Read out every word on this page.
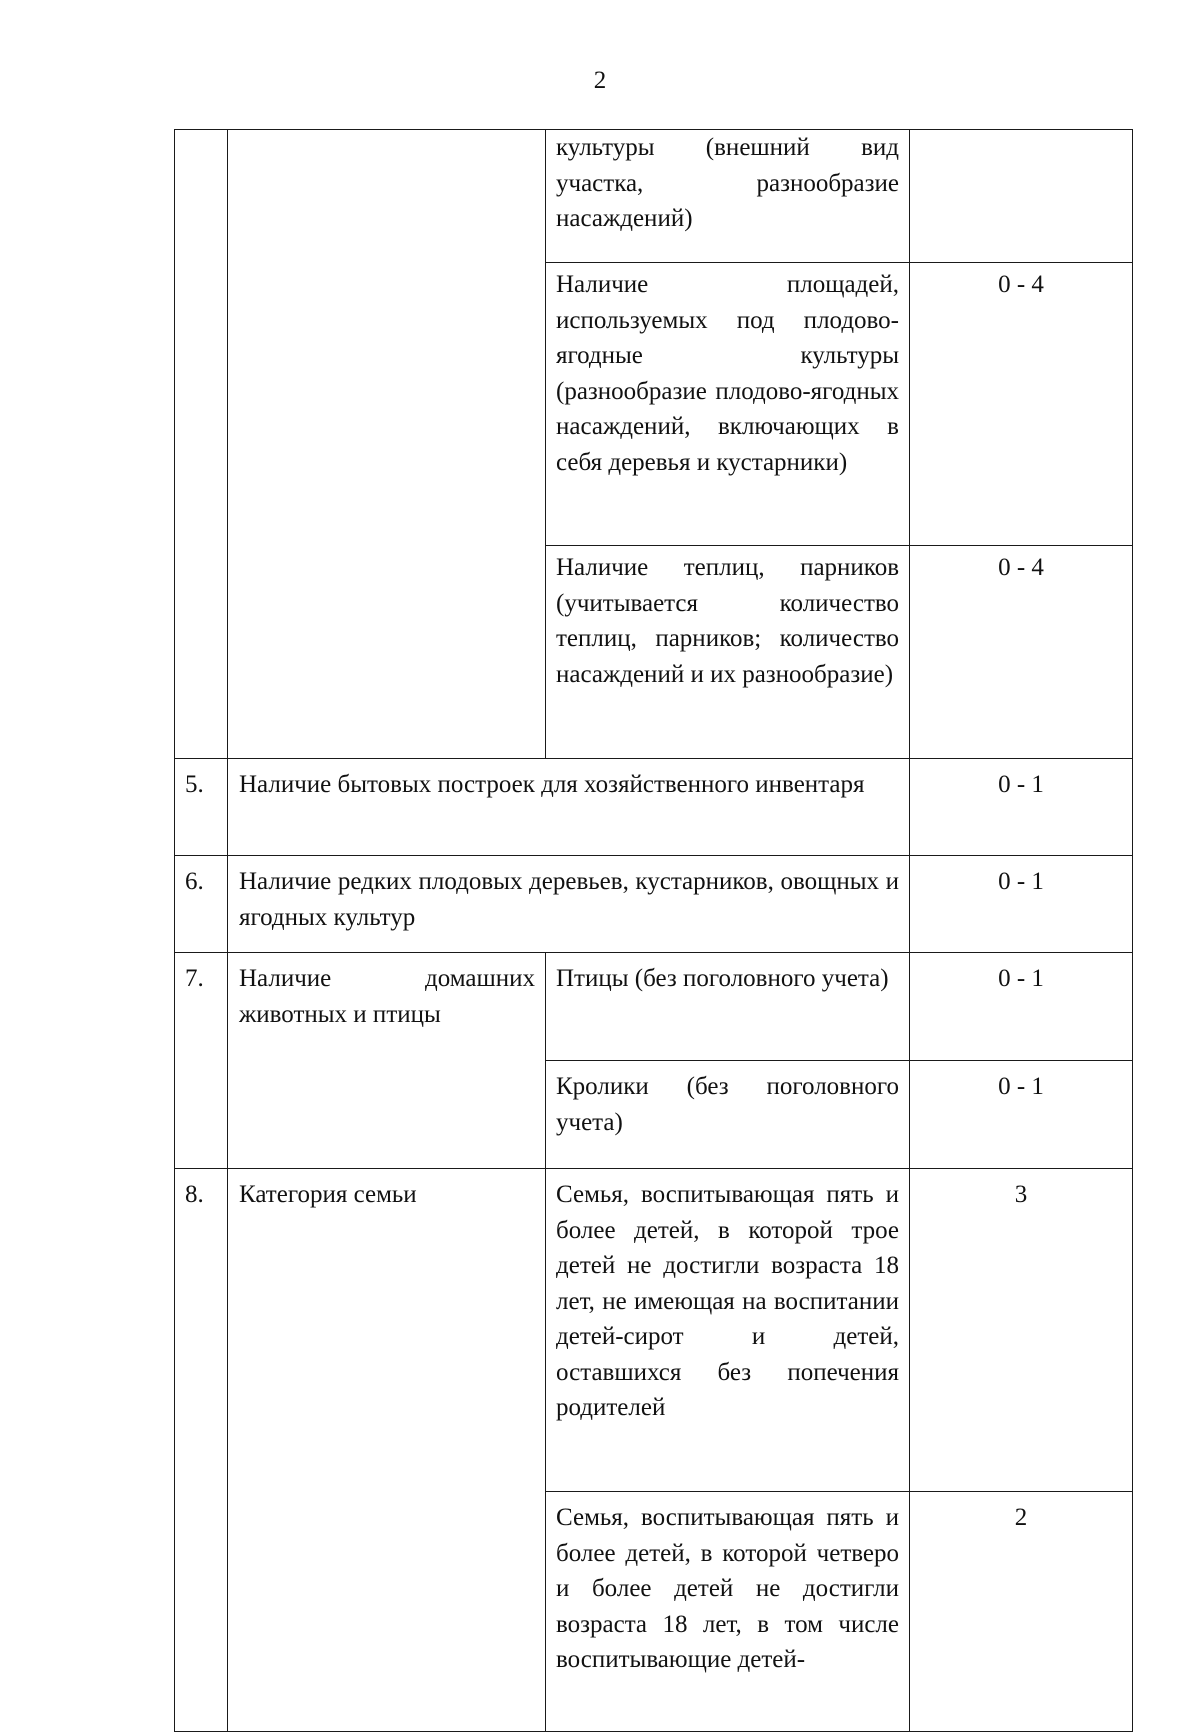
2
		культуры (внешний вид участка, разнообразие насаждений)	
		Наличие площадей, используемых под плодово-ягодные культуры (разнообразие плодово-ягодных насаждений, включающих в себя деревья и кустарники)	0 - 4
		Наличие теплиц, парников (учитывается количество теплиц, парников; количество насаждений и их разнообразие)	0 - 4
5.	Наличие бытовых построек для хозяйственного инвентаря		0 - 1
6.	Наличие редких плодовых деревьев, кустарников, овощных и ягодных культур		0 - 1
7.	Наличие домашних животных и птицы	Птицы (без поголовного учета)	0 - 1
		Кролики (без поголовного учета)	0 - 1
8.	Категория семьи	Семья, воспитывающая пять и более детей, в которой трое детей не достигли возраста 18 лет, не имеющая на воспитании детей-сирот и детей, оставшихся без попечения родителей	3
		Семья, воспитывающая пять и более детей, в которой четверо и более детей не достигли возраста 18 лет, в том числе воспитывающие детей-	2
